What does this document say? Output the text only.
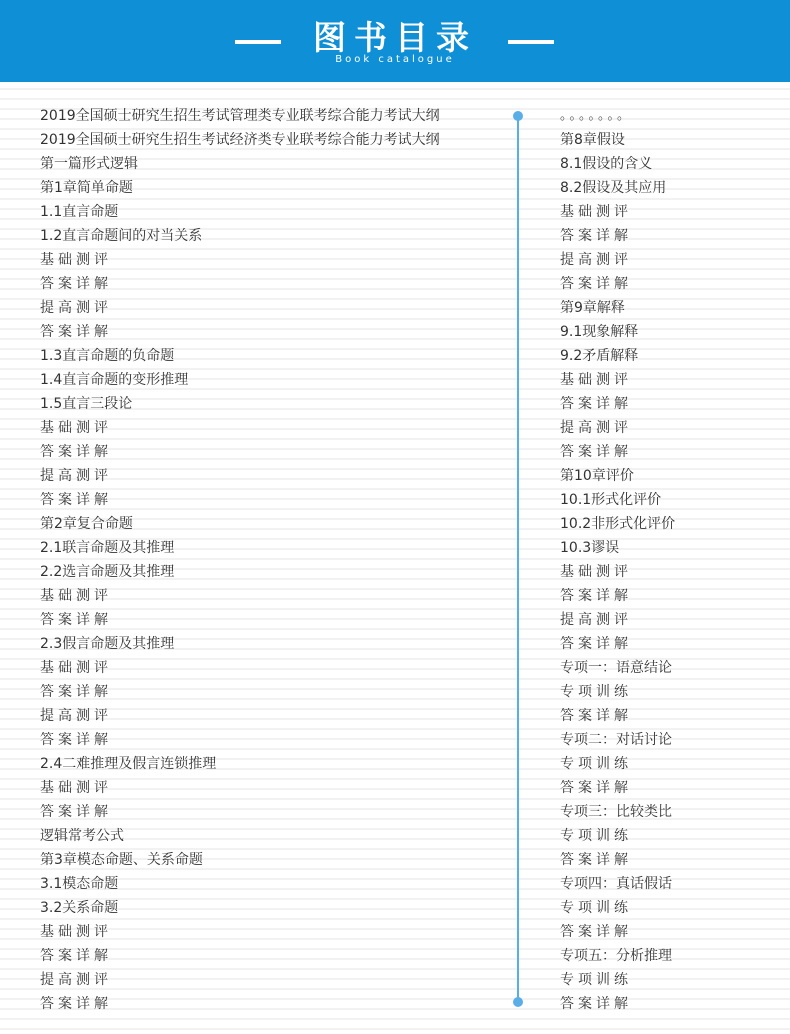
图书目录
Book catalogue
2019全国硕士研究生招生考试管理类专业联考综合能力考试大纲
2019全国硕士研究生招生考试经济类专业联考综合能力考试大纲
第一篇形式逻辑
第1章简单命题
1.1直言命题
1.2直言命题间的对当关系
基础测评
答案详解
提高测评
答案详解
1.3直言命题的负命题
1.4直言命题的变形推理
1.5直言三段论
基础测评
答案详解
提高测评
答案详解
第2章复合命题
2.1联言命题及其推理
2.2选言命题及其推理
基础测评
答案详解
2.3假言命题及其推理
基础测评
答案详解
提高测评
答案详解
2.4二难推理及假言连锁推理
基础测评
答案详解
逻辑常考公式
第3章模态命题、关系命题
3.1模态命题
3.2关系命题
基础测评
答案详解
提高测评
答案详解
。。。。。。。
第8章假设
8.1假设的含义
8.2假设及其应用
基础测评
答案详解
提高测评
答案详解
第9章解释
9.1现象解释
9.2矛盾解释
基础测评
答案详解
提高测评
答案详解
第10章评价
10.1形式化评价
10.2非形式化评价
10.3谬误
基础测评
答案详解
提高测评
答案详解
专项一：语意结论
专项训练
答案详解
专项二：对话讨论
专项训练
答案详解
专项三：比较类比
专项训练
答案详解
专项四：真话假话
专项训练
答案详解
专项五：分析推理
专项训练
答案详解
